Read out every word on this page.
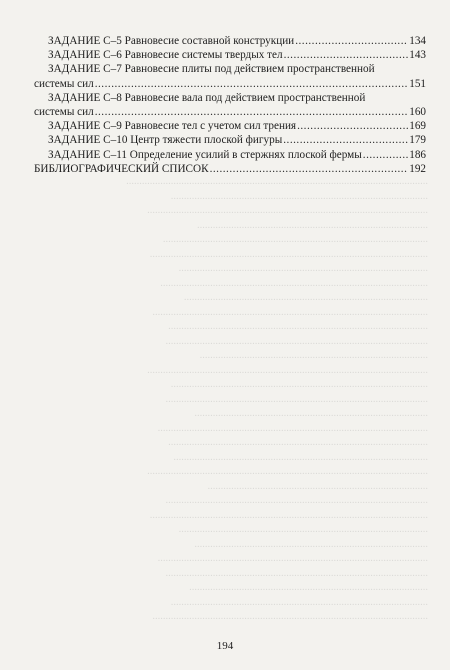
...................................................................................................................
..................................................................................................
...........................................................................................................
........................................................................................
.....................................................................................................
..........................................................................................................
...............................................................................................
......................................................................................................
.............................................................................................
.........................................................................................................
...................................................................................................
....................................................................................................
.......................................................................................
...........................................................................................................
..................................................................................................
....................................................................................................
.........................................................................................
.......................................................................................................
...................................................................................................
.................................................................................................
...........................................................................................................
....................................................................................
....................................................................................................
..........................................................................................................
...............................................................................................
.........................................................................................
.......................................................................................................
....................................................................................................
...........................................................................................
..................................................................................................
.........................................................................................................
ЗАДАНИЕ С–5 Равновесие составной конструкции .....	134
ЗАДАНИЕ С–6 Равновесие системы твердых тел .....	143
ЗАДАНИЕ С–7 Равновесие плиты под действием пространственной
системы сил .....	151
ЗАДАНИЕ С–8 Равновесие вала под действием пространственной
системы сил .....	160
ЗАДАНИЕ С–9 Равновесие тел с учетом сил трения .....	169
ЗАДАНИЕ С–10 Центр тяжести плоской фигуры .....	179
ЗАДАНИЕ С–11 Определение усилий в стержнях плоской фермы .....	186
БИБЛИОГРАФИЧЕСКИЙ СПИСОК .....	192
194
